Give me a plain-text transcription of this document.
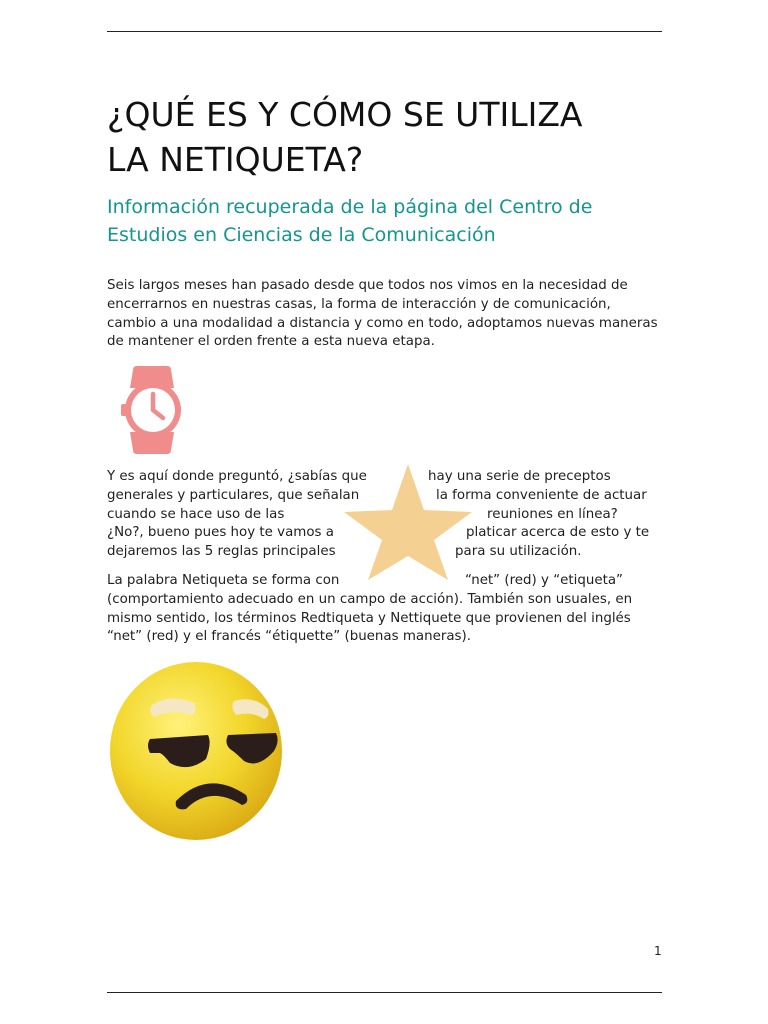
¿QUÉ ES Y CÓMO SE UTILIZA
LA NETIQUETA?
Información recuperada de la página del Centro de
Estudios en Ciencias de la Comunicación

Seis largos meses han pasado desde que todos nos vimos en la necesidad de encerrarnos en nuestras casas, la forma de interacción y de comunicación, cambio a una modalidad a distancia y como en todo, adoptamos nuevas maneras de mantener el orden frente a esta nueva etapa.

Y es aquí donde preguntó, ¿sabías que	hay una serie de preceptos
generales y particulares, que señalan	la forma conveniente de actuar
cuando se hace uso de las	reuniones en línea?
¿No?, bueno pues hoy te vamos a	platicar acerca de esto y te
dejaremos las 5 reglas principales	para su utilización.
La palabra Netiqueta se forma con	“net” (red) y “etiqueta”

(comportamiento adecuado en un campo de acción). También son usuales, en mismo sentido, los términos Redtiqueta y Nettiquete que provienen del inglés “net” (red) y el francés “étiquette” (buenas maneras).

1
